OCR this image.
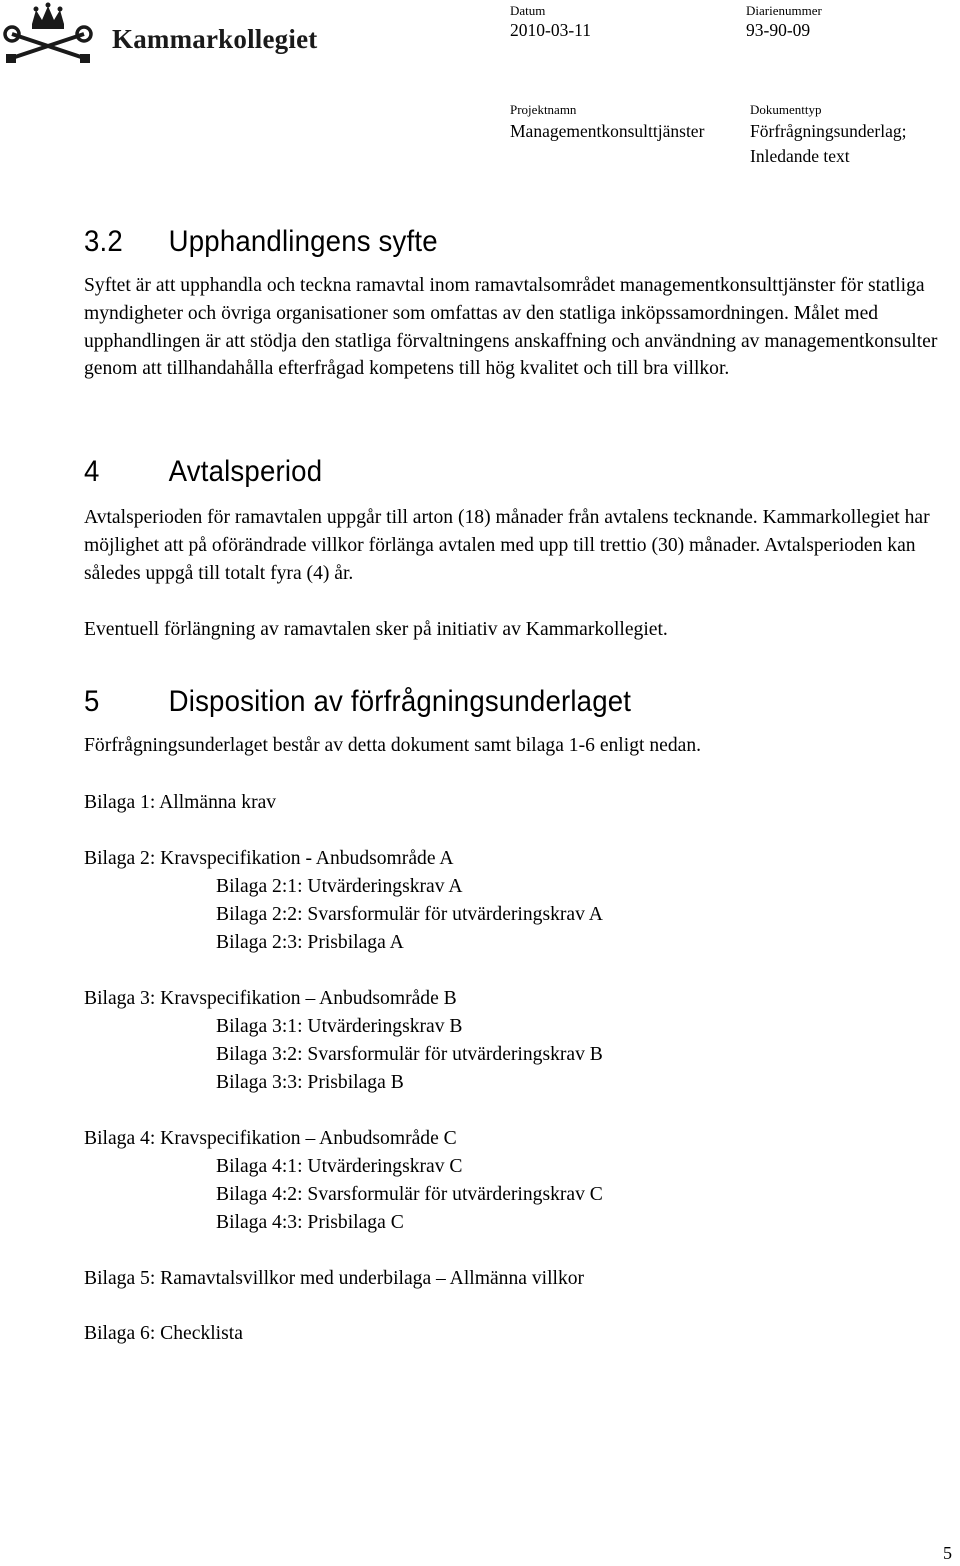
Kammarkollegiet
Datum
2010-03-11
Diarienummer
93-90-09
Projektnamn
Managementkonsulttjänster
Dokumenttyp
Förfrågningsunderlag;
Inledande text
3.2 Upphandlingens syfte

Syftet är att upphandla och teckna ramavtal inom ramavtalsområdet managementkonsulttjänster för statliga myndigheter och övriga organisationer som omfattas av den statliga inköpssamordningen. Målet med upphandlingen är att stödja den statliga förvaltningens anskaffning och användning av managementkonsulter genom att tillhandahålla efterfrågad kompetens till hög kvalitet och till bra villkor.

4 Avtalsperiod

Avtalsperioden för ramavtalen uppgår till arton (18) månader från avtalens tecknande. Kammarkollegiet har möjlighet att på oförändrade villkor förlänga avtalen med upp till trettio (30) månader. Avtalsperioden kan således uppgå till totalt fyra (4) år.

Eventuell förlängning av ramavtalen sker på initiativ av Kammarkollegiet.

5 Disposition av förfrågningsunderlaget
Förfrågningsunderlaget består av detta dokument samt bilaga 1-6 enligt nedan.
Bilaga 1: Allmänna krav
Bilaga 2: Kravspecifikation - Anbudsområde A
Bilaga 2:1: Utvärderingskrav A
Bilaga 2:2: Svarsformulär för utvärderingskrav A
Bilaga 2:3: Prisbilaga A
Bilaga 3: Kravspecifikation – Anbudsområde B
Bilaga 3:1: Utvärderingskrav B
Bilaga 3:2: Svarsformulär för utvärderingskrav B
Bilaga 3:3: Prisbilaga B
Bilaga 4: Kravspecifikation – Anbudsområde C
Bilaga 4:1: Utvärderingskrav C
Bilaga 4:2: Svarsformulär för utvärderingskrav C
Bilaga 4:3: Prisbilaga C
Bilaga 5: Ramavtalsvillkor med underbilaga – Allmänna villkor
Bilaga 6: Checklista
5
